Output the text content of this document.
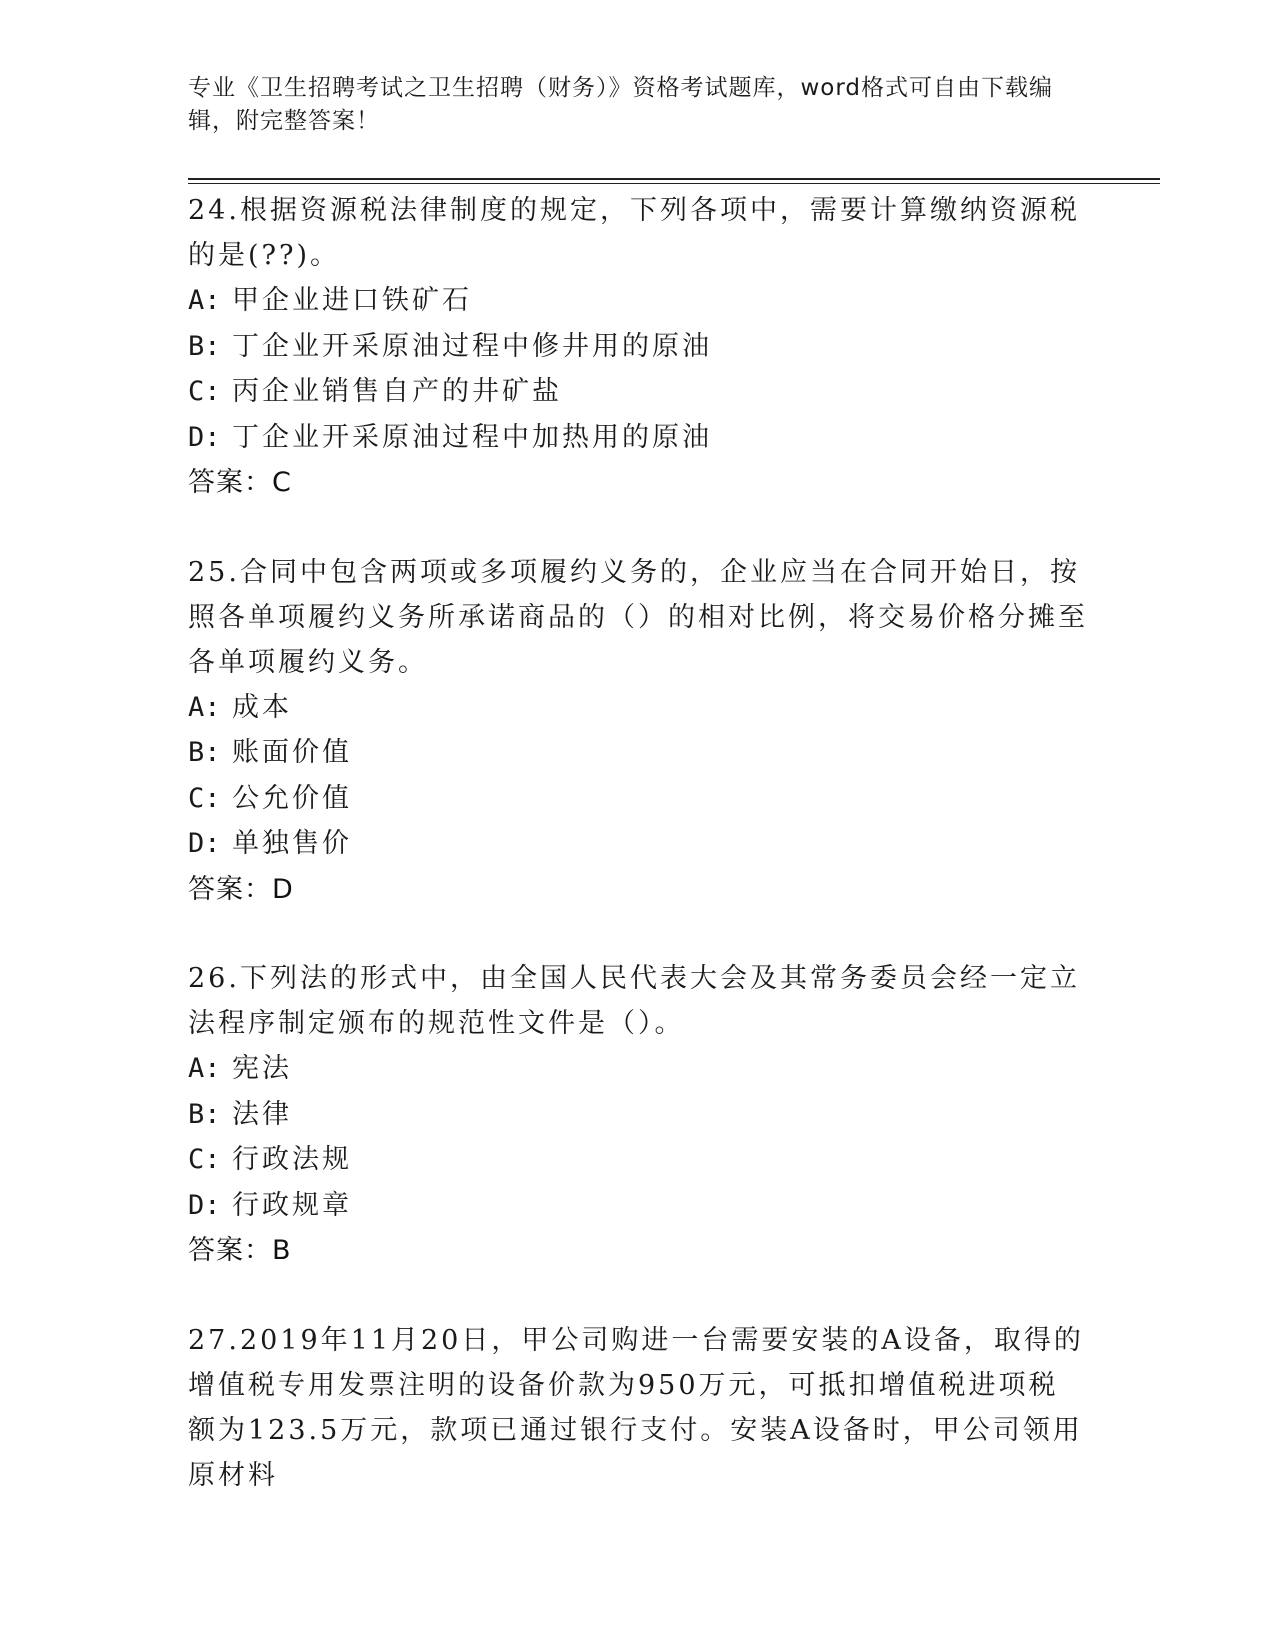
专业《卫生招聘考试之卫生招聘（财务）》资格考试题库，word格式可自由下载编辑，附完整答案！

24.根据资源税法律制度的规定，下列各项中，需要计算缴纳资源税的是(??)。

A: 甲企业进口铁矿石

B: 丁企业开采原油过程中修井用的原油

C: 丙企业销售自产的井矿盐

D: 丁企业开采原油过程中加热用的原油

答案：C

25.合同中包含两项或多项履约义务的，企业应当在合同开始日，按照各单项履约义务所承诺商品的（）的相对比例，将交易价格分摊至各单项履约义务。

A: 成本

B: 账面价值

C: 公允价值

D: 单独售价

答案：D

26.下列法的形式中，由全国人民代表大会及其常务委员会经一定立法程序制定颁布的规范性文件是（）。

A: 宪法

B: 法律

C: 行政法规

D: 行政规章

答案：B

27.2019年11月20日，甲公司购进一台需要安装的A设备，取得的增值税专用发票注明的设备价款为950万元，可抵扣增值税进项税额为123.5万元，款项已通过银行支付。安装A设备时，甲公司领用原材料
